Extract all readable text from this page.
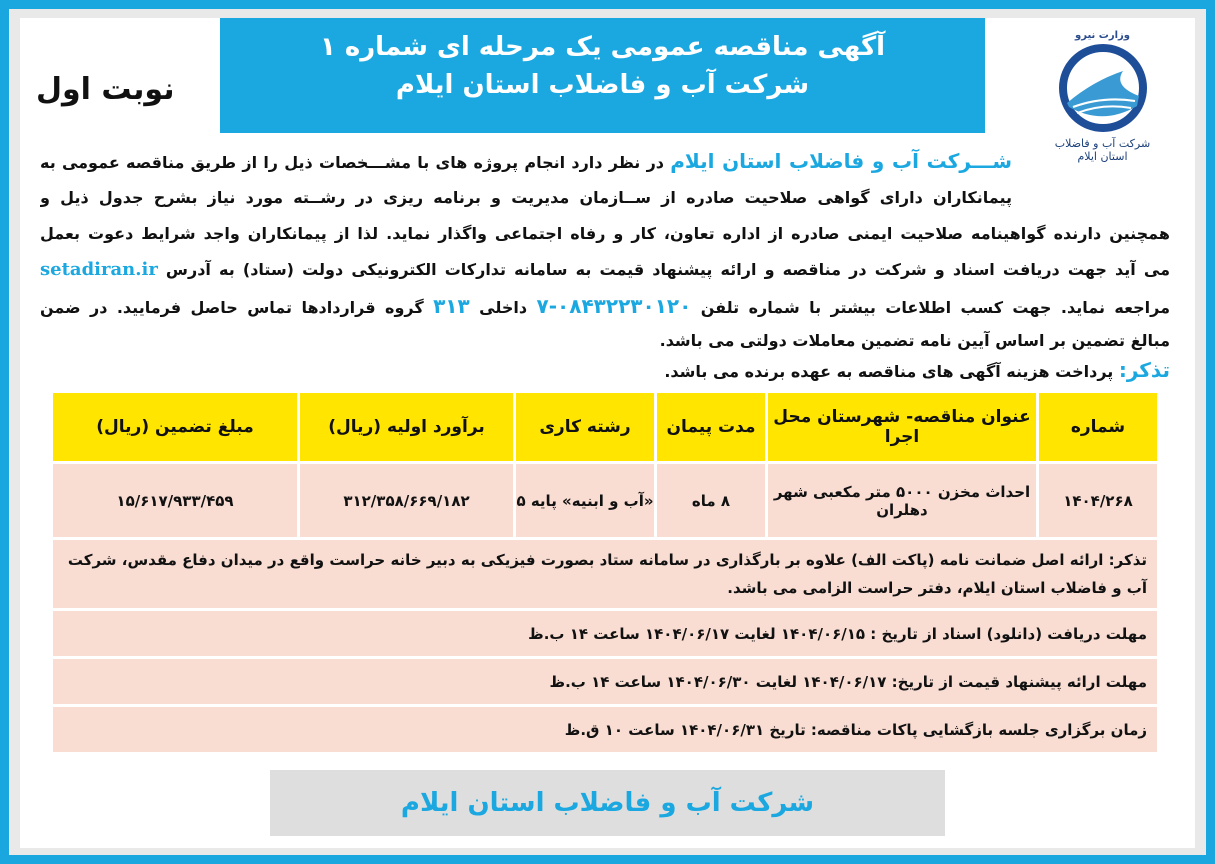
آگهی مناقصه عمومی یک مرحله ای شماره ۱
شرکت آب و فاضلاب استان ایلام
نوبت اول
وزارت نیرو
شرکت آب و فاضلاب
استان ایلام
شـــرکت آب و فاضلاب استان ایلام در نظر دارد انجام پروژه های با مشـــخصات ذیل را از طریق مناقصه عمومی به
پیمانکاران دارای گواهی صلاحیت صادره از ســازمان مدیریت و برنامه ریزی در رشــته مورد نیاز بشرح جدول ذیل و
همچنین دارنده گواهینامه صلاحیت ایمنی صادره از اداره تعاون، کار و رفاه اجتماعی واگذار نماید. لذا از پیمانکاران واجد شرایط دعوت بعمل
می آید جهت دریافت اسناد و شرکت در مناقصه و ارائه پیشنهاد قیمت به سامانه تدارکات الکترونیکی دولت (ستاد) به آدرس setadiran.ir
مراجعه نماید. جهت کسب اطلاعات بیشتر با شماره تلفن ۰۸۴۳۲۲۳۰۱۲۰-۷ داخلی ۳۱۳ گروه قراردادها تماس حاصل فرمایید. در ضمن
مبالغ تضمین بر اساس آیین نامه تضمین معاملات دولتی می باشد.
تذکر: پرداخت هزینه آگهی های مناقصه به عهده برنده می باشد.
شماره	عنوان مناقصه- شهرستان محل اجرا	مدت پیمان	رشته کاری	برآورد اولیه (ریال)	مبلغ تضمین (ریال)
۱۴۰۴/۲۶۸	احداث مخزن ۵۰۰۰ متر مکعبی شهر دهلران	۸ ماه	«آب و ابنیه» پایه ۵	۳۱۲/۳۵۸/۶۶۹/۱۸۲	۱۵/۶۱۷/۹۳۳/۴۵۹
تذکر: ارائه اصل ضمانت نامه (پاکت الف) علاوه بر بارگذاری در سامانه ستاد بصورت فیزیکی به دبیر خانه حراست واقع در میدان دفاع مقدس، شرکت آب و فاضلاب استان ایلام، دفتر حراست الزامی می باشد.					
مهلت دریافت (دانلود) اسناد از تاریخ : ۱۴۰۴/۰۶/۱۵ لغایت ۱۴۰۴/۰۶/۱۷ ساعت ۱۴ ب.ظ					
مهلت ارائه پیشنهاد قیمت از تاریخ: ۱۴۰۴/۰۶/۱۷ لغایت ۱۴۰۴/۰۶/۳۰ ساعت ۱۴ ب.ظ					
زمان برگزاری جلسه بازگشایی پاکات مناقصه: تاریخ ۱۴۰۴/۰۶/۳۱ ساعت ۱۰ ق.ظ					
شرکت آب و فاضلاب استان ایلام
